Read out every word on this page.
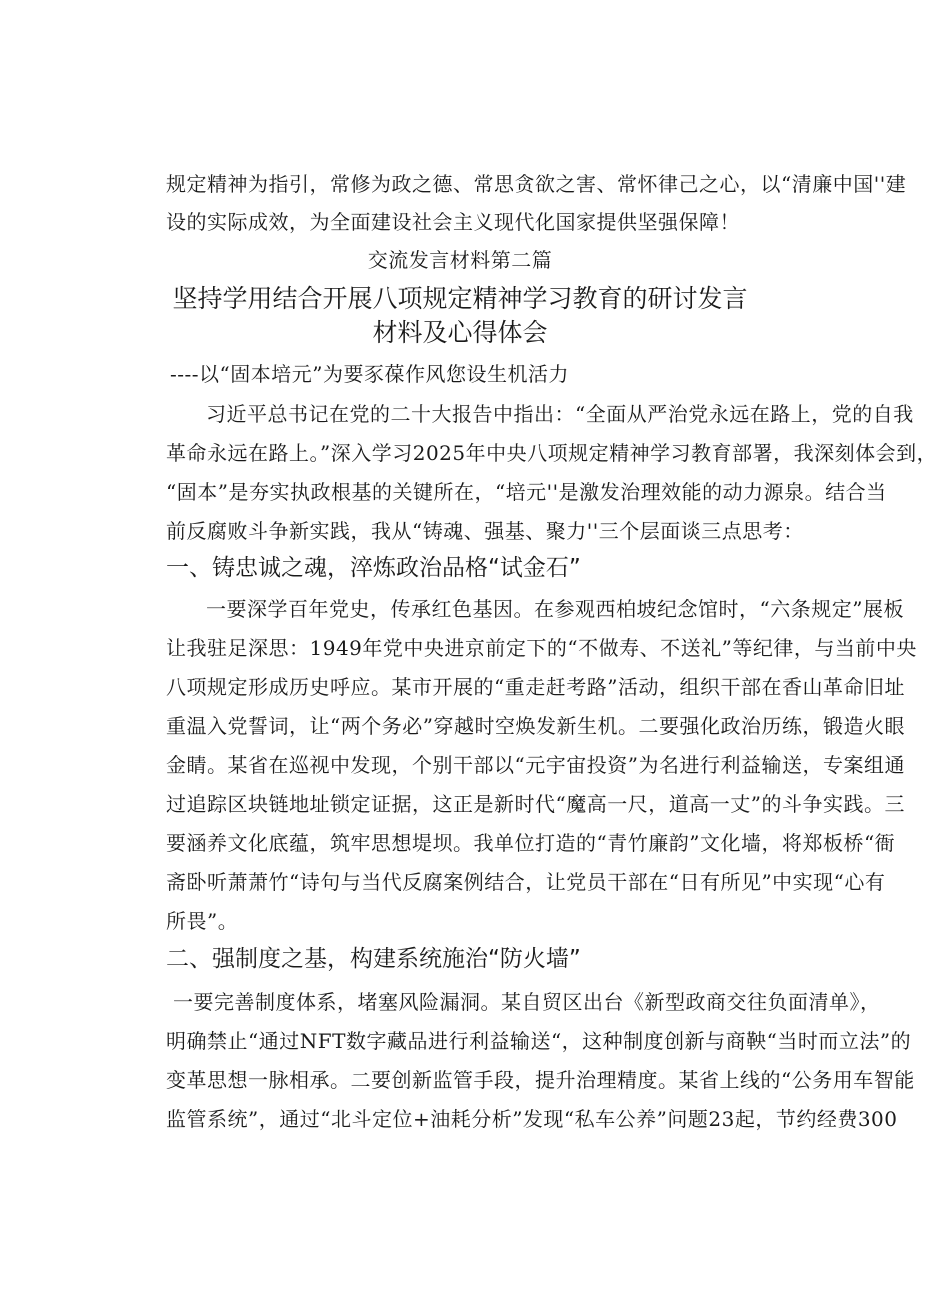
规定精神为指引，常修为政之德、常思贪欲之害、常怀律己之心，以“清廉中国''建
设的实际成效，为全面建设社会主义现代化国家提供坚强保障！
交流发言材料第二篇
坚持学用结合开展八项规定精神学习教育的研讨发言
材料及心得体会
----以“固本培元”为要豕葆作风您设生机活力
习近平总书记在党的二十大报告中指出：“全面从严治党永远在路上，党的自我
革命永远在路上。”深入学习2025年中央八项规定精神学习教育部署，我深刻体会到，
“固本”是夯实执政根基的关键所在，“培元''是激发治理效能的动力源泉。结合当
前反腐败斗争新实践，我从“铸魂、强基、聚力''三个层面谈三点思考：
一、铸忠诚之魂，淬炼政治品格“试金石”
一要深学百年党史，传承红色基因。在参观西柏坡纪念馆时，“六条规定”展板
让我驻足深思：1949年党中央进京前定下的“不做寿、不送礼”等纪律，与当前中央
八项规定形成历史呼应。某市开展的“重走赶考路”活动，组织干部在香山革命旧址
重温入党誓词，让“两个务必”穿越时空焕发新生机。二要强化政治历练，锻造火眼
金睛。某省在巡视中发现，个别干部以“元宇宙投资”为名进行利益输送，专案组通
过追踪区块链地址锁定证据，这正是新时代“魔高一尺，道高一丈”的斗争实践。三
要涵养文化底蕴，筑牢思想堤坝。我单位打造的“青竹廉韵”文化墙，将郑板桥“衙
斋卧听萧萧竹“诗句与当代反腐案例结合，让党员干部在“日有所见”中实现“心有
所畏”。
二、强制度之基，构建系统施治“防火墙”
一要完善制度体系，堵塞风险漏洞。某自贸区出台《新型政商交往负面清单》，
明确禁止“通过NFT数字藏品进行利益输送“，这种制度创新与商鞅“当时而立法”的
变革思想一脉相承。二要创新监管手段，提升治理精度。某省上线的“公务用车智能
监管系统”，通过“北斗定位+油耗分析”发现“私车公养”问题23起，节约经费300
